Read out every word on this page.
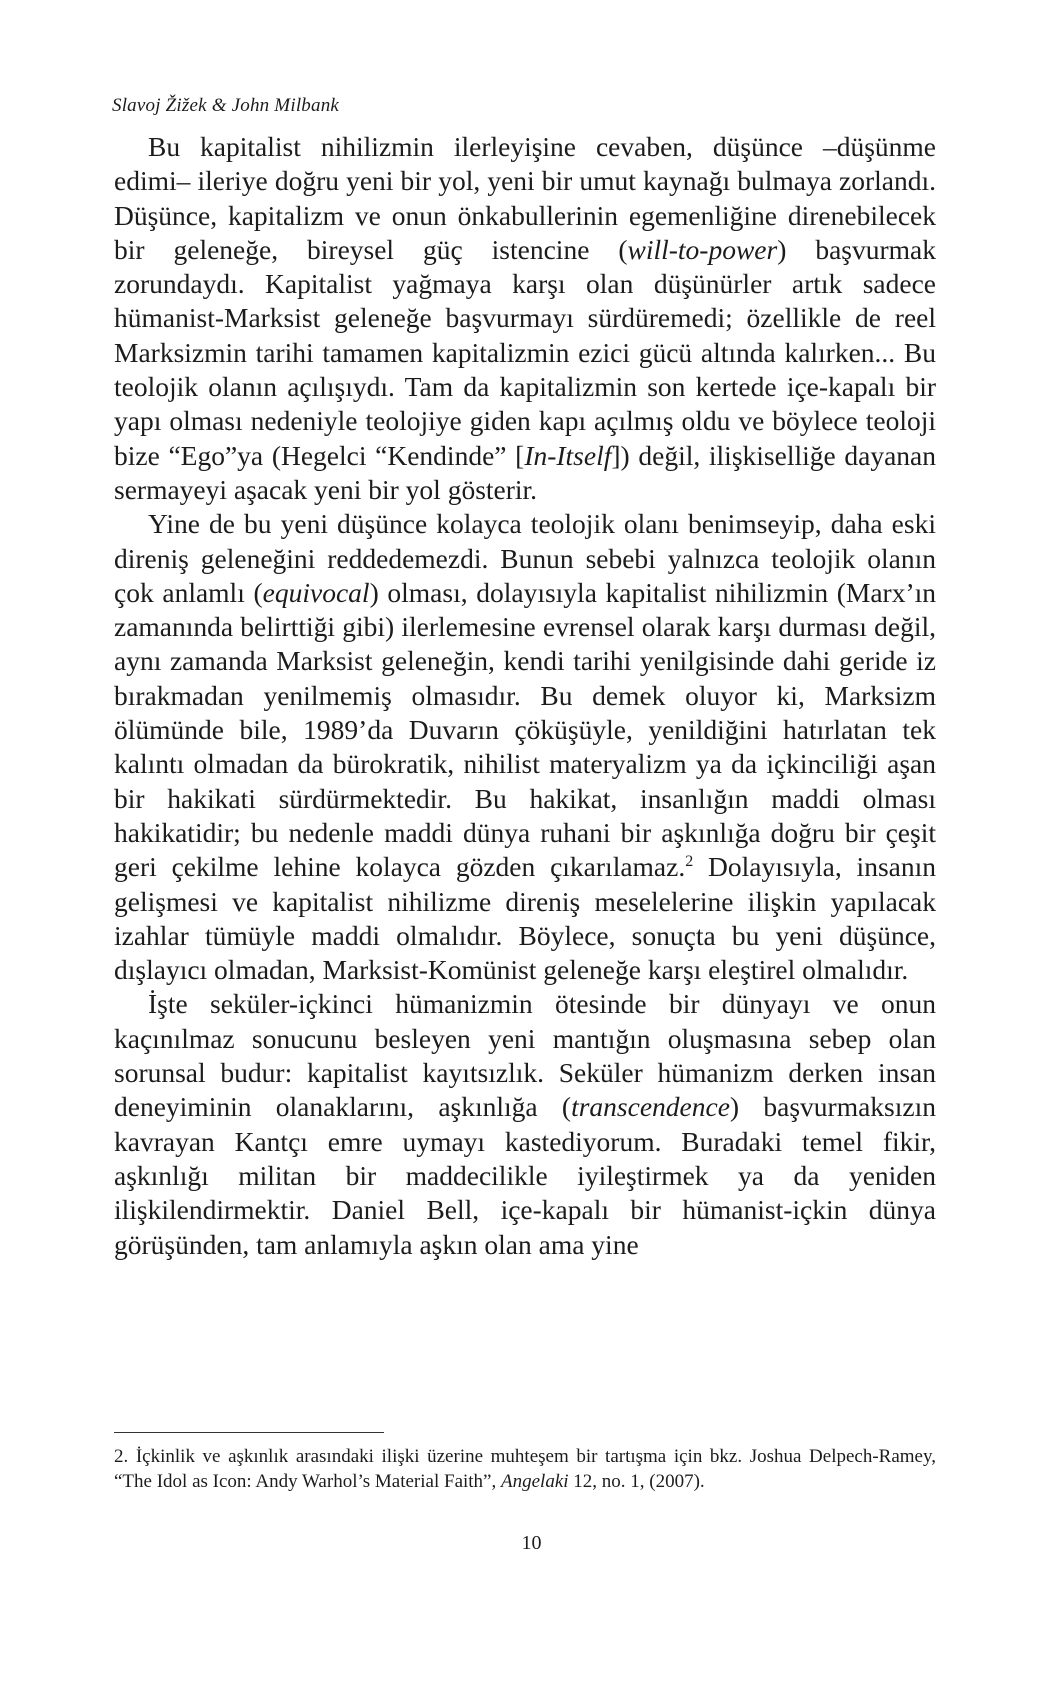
Slavoj Žižek & John Milbank

Bu kapitalist nihilizmin ilerleyişine cevaben, düşünce –düşünme edimi– ileriye doğru yeni bir yol, yeni bir umut kaynağı bulmaya zorlandı. Düşünce, kapitalizm ve onun önkabullerinin egemenliğine direnebilecek bir geleneğe, bireysel güç istencine (will-to-power) başvurmak zorundaydı. Kapitalist yağmaya karşı olan düşünürler artık sadece hümanist-Marksist geleneğe başvurmayı sürdüremedi; özellikle de reel Marksizmin tarihi tamamen kapitalizmin ezici gücü altında kalırken... Bu teolojik olanın açılışıydı. Tam da kapitalizmin son kertede içe-kapalı bir yapı olması nedeniyle teolojiye giden kapı açılmış oldu ve böylece teoloji bize “Ego”ya (Hegelci “Kendinde” [In-Itself]) değil, ilişkiselliğe dayanan sermayeyi aşacak yeni bir yol gösterir.

Yine de bu yeni düşünce kolayca teolojik olanı benimseyip, daha eski direniş geleneğini reddedemezdi. Bunun sebebi yalnızca teolojik olanın çok anlamlı (equivocal) olması, dolayısıyla kapitalist nihilizmin (Marx’ın zamanında belirttiği gibi) ilerlemesine evrensel olarak karşı durması değil, aynı zamanda Marksist geleneğin, kendi tarihi yenilgisinde dahi geride iz bırakmadan yenilmemiş olmasıdır. Bu demek oluyor ki, Marksizm ölümünde bile, 1989’da Duvarın çöküşüyle, yenildiğini hatırlatan tek kalıntı olmadan da bürokratik, nihilist materyalizm ya da içkinciliği aşan bir hakikati sürdürmektedir. Bu hakikat, insanlığın maddi olması hakikatidir; bu nedenle maddi dünya ruhani bir aşkınlığa doğru bir çeşit geri çekilme lehine kolayca gözden çıkarılamaz.$^2$ Dolayısıyla, insanın gelişmesi ve kapitalist nihilizme direniş meselelerine ilişkin yapılacak izahlar tümüyle maddi olmalıdır. Böylece, sonuçta bu yeni düşünce, dışlayıcı olmadan, Marksist-Komünist geleneğe karşı eleştirel olmalıdır.

İşte seküler-içkinci hümanizmin ötesinde bir dünyayı ve onun kaçınılmaz sonucunu besleyen yeni mantığın oluşmasına sebep olan sorunsal budur: kapitalist kayıtsızlık. Seküler hümanizm derken insan deneyiminin olanaklarını, aşkınlığa (transcendence) başvurmaksızın kavrayan Kantçı emre uymayı kastediyorum. Buradaki temel fikir, aşkınlığı militan bir maddecilikle iyileştirmek ya da yeniden ilişkilendirmektir. Daniel Bell, içe-kapalı bir hümanist-içkin dünya görüşünden, tam anlamıyla aşkın olan ama yine

2. İçkinlik ve aşkınlık arasındaki ilişki üzerine muhteşem bir tartışma için bkz. Joshua Delpech-Ramey, “The Idol as Icon: Andy Warhol’s Material Faith”, Angelaki 12, no. 1, (2007).
10
